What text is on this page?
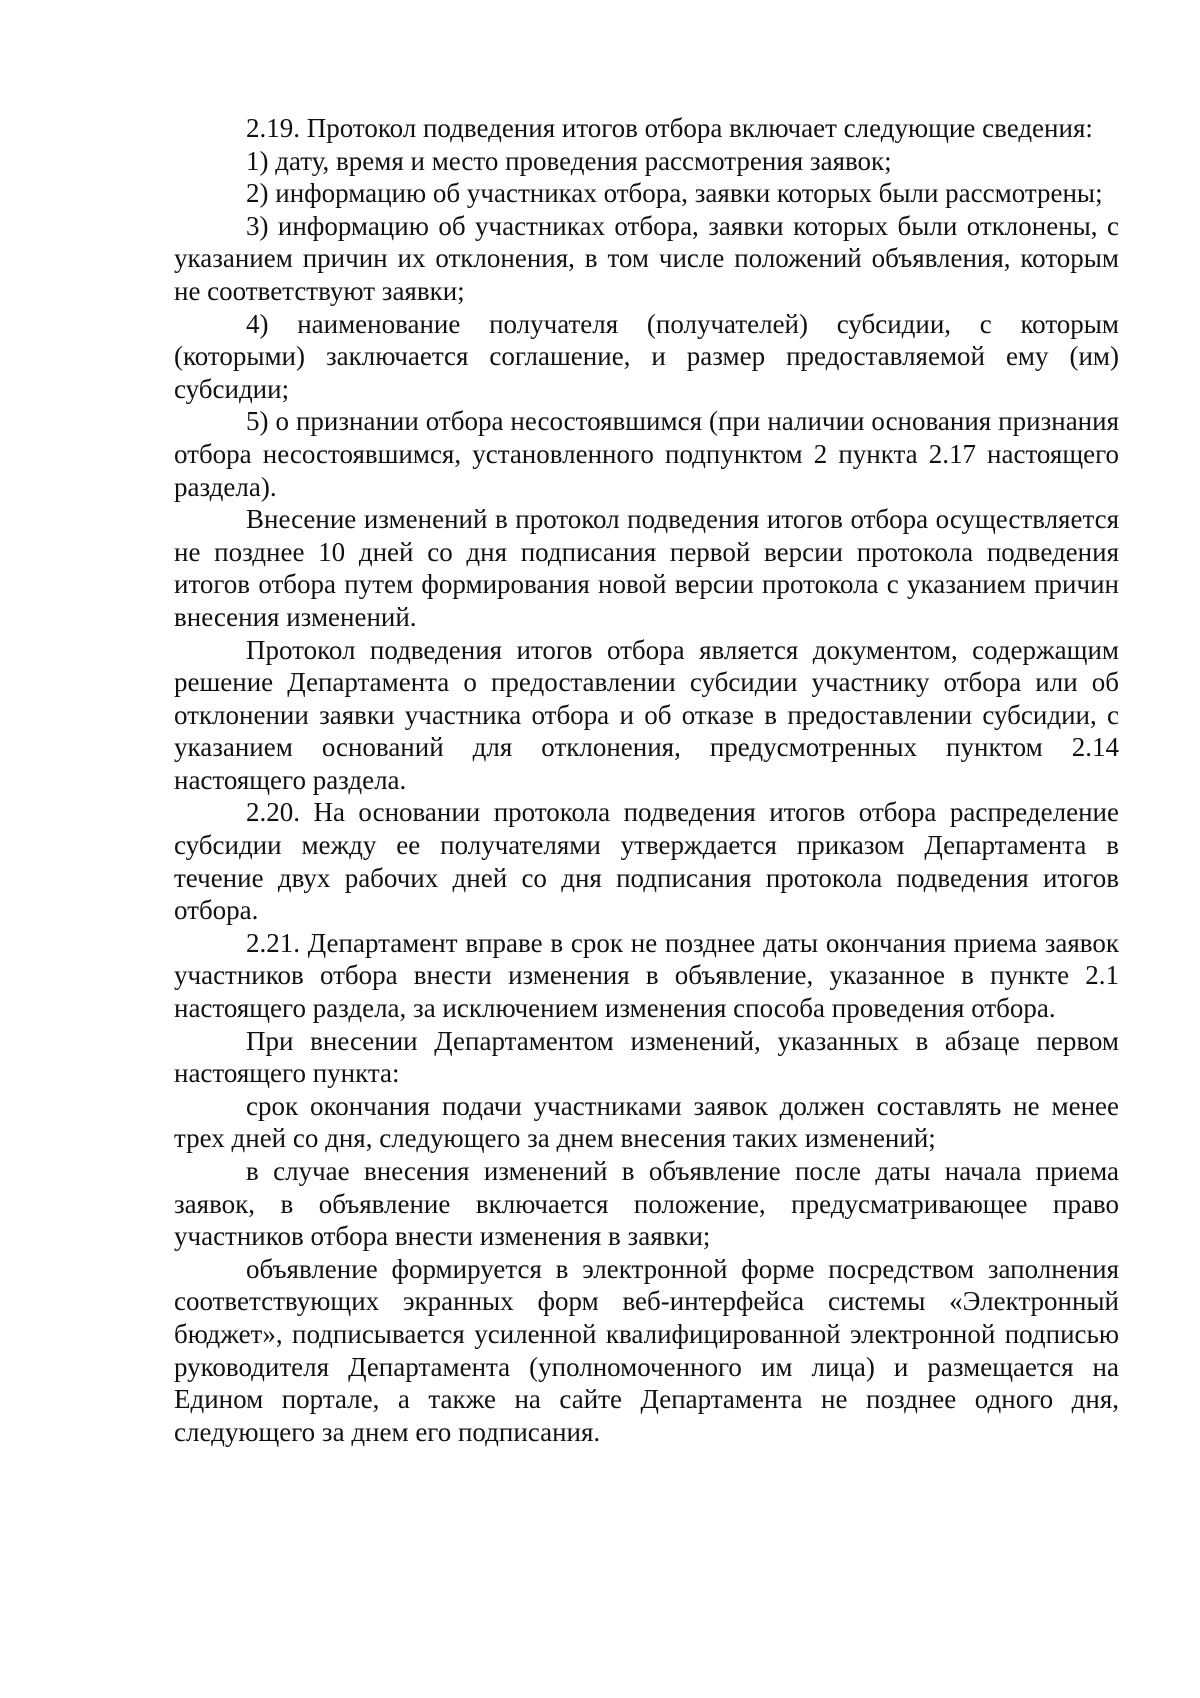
2.19. Протокол подведения итогов отбора включает следующие сведения:

1) дату, время и место проведения рассмотрения заявок;

2) информацию об участниках отбора, заявки которых были рассмотрены;

3) информацию об участниках отбора, заявки которых были отклонены, с указанием причин их отклонения, в том числе положений объявления, которым не соответствуют заявки;

4) наименование получателя (получателей) субсидии, с которым (которыми) заключается соглашение, и размер предоставляемой ему (им) субсидии;

5) о признании отбора несостоявшимся (при наличии основания признания отбора несостоявшимся, установленного подпунктом 2 пункта 2.17 настоящего раздела).

Внесение изменений в протокол подведения итогов отбора осуществляется не позднее 10 дней со дня подписания первой версии протокола подведения итогов отбора путем формирования новой версии протокола с указанием причин внесения изменений.

Протокол подведения итогов отбора является документом, содержащим решение Департамента о предоставлении субсидии участнику отбора или об отклонении заявки участника отбора и об отказе в предоставлении субсидии, с указанием оснований для отклонения, предусмотренных пунктом 2.14 настоящего раздела.

2.20. На основании протокола подведения итогов отбора распределение субсидии между ее получателями утверждается приказом Департамента в течение двух рабочих дней со дня подписания протокола подведения итогов отбора.

2.21. Департамент вправе в срок не позднее даты окончания приема заявок участников отбора внести изменения в объявление, указанное в пункте 2.1 настоящего раздела, за исключением изменения способа проведения отбора.

При внесении Департаментом изменений, указанных в абзаце первом настоящего пункта:

срок окончания подачи участниками заявок должен составлять не менее трех дней со дня, следующего за днем внесения таких изменений;

в случае внесения изменений в объявление после даты начала приема заявок, в объявление включается положение, предусматривающее право участников отбора внести изменения в заявки;

объявление формируется в электронной форме посредством заполнения соответствующих экранных форм веб-интерфейса системы «Электронный бюджет», подписывается усиленной квалифицированной электронной подписью руководителя Департамента (уполномоченного им лица) и размещается на Едином портале, а также на сайте Департамента не позднее одного дня, следующего за днем его подписания.
